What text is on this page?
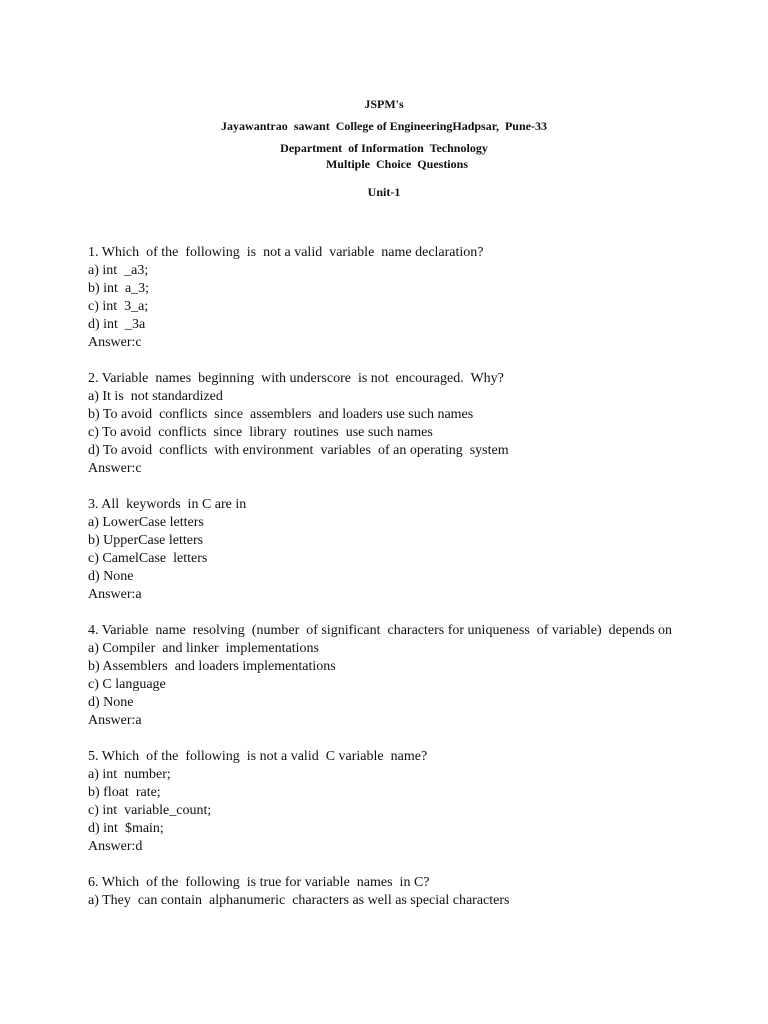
JSPM's
Jayawantrao  sawant  College of EngineeringHadpsar,  Pune-33
Department  of Information  Technology
Multiple  Choice  Questions
Unit-1
1. Which  of the  following  is  not a valid  variable  name declaration?
a) int  _a3;
b) int  a_3;
c) int  3_a;
d) int  _3a
Answer:c
2. Variable  names  beginning  with underscore  is not  encouraged.  Why?
a) It is  not standardized
b) To avoid  conflicts  since  assemblers  and loaders use such names
c) To avoid  conflicts  since  library  routines  use such names
d) To avoid  conflicts  with environment  variables  of an operating  system
Answer:c
3. All  keywords  in C are in
a) LowerCase letters
b) UpperCase letters
c) CamelCase  letters
d) None
Answer:a
4. Variable  name  resolving  (number  of significant  characters for uniqueness  of variable)  depends on
a) Compiler  and linker  implementations
b) Assemblers  and loaders implementations
c) C language
d) None
Answer:a
5. Which  of the  following  is not a valid  C variable  name?
a) int  number;
b) float  rate;
c) int  variable_count;
d) int  $main;
Answer:d
6. Which  of the  following  is true for variable  names  in C?
a) They  can contain  alphanumeric  characters as well as special characters
